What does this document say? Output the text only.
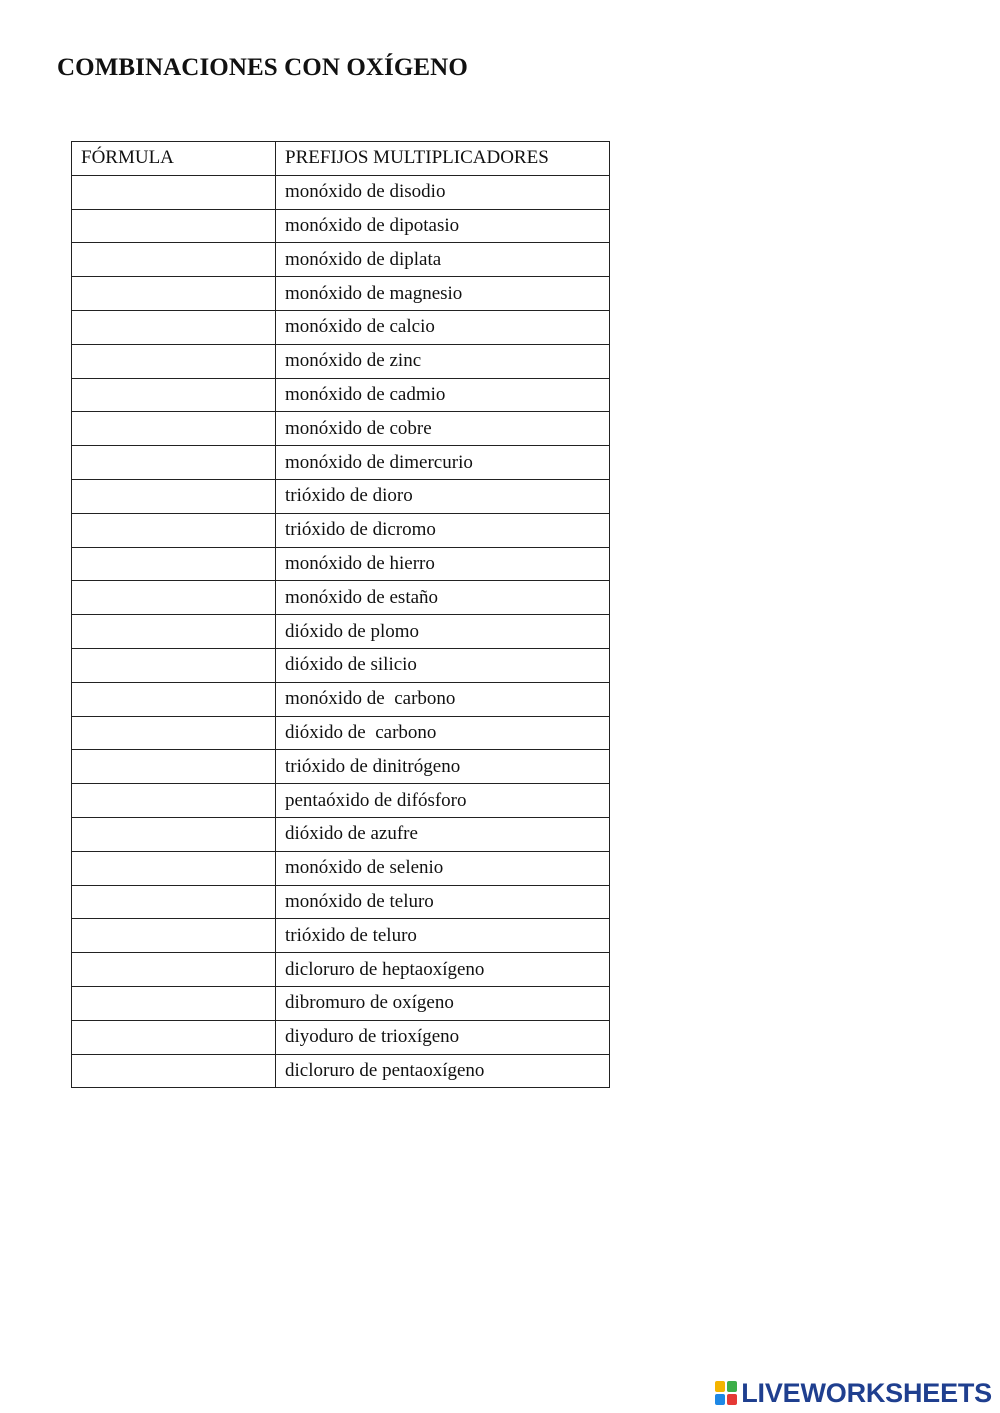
COMBINACIONES CON OXÍGENO
FÓRMULA	PREFIJOS MULTIPLICADORES
	monóxido de disodio
	monóxido de dipotasio
	monóxido de diplata
	monóxido de magnesio
	monóxido de calcio
	monóxido de zinc
	monóxido de cadmio
	monóxido de cobre
	monóxido de dimercurio
	trióxido de dioro
	trióxido de dicromo
	monóxido de hierro
	monóxido de estaño
	dióxido de plomo
	dióxido de silicio
	monóxido de  carbono
	dióxido de  carbono
	trióxido de dinitrógeno
	pentaóxido de difósforo
	dióxido de azufre
	monóxido de selenio
	monóxido de teluro
	trióxido de teluro
	dicloruro de heptaoxígeno
	dibromuro de oxígeno
	diyoduro de trioxígeno
	dicloruro de pentaoxígeno
LIVEWORKSHEETS
